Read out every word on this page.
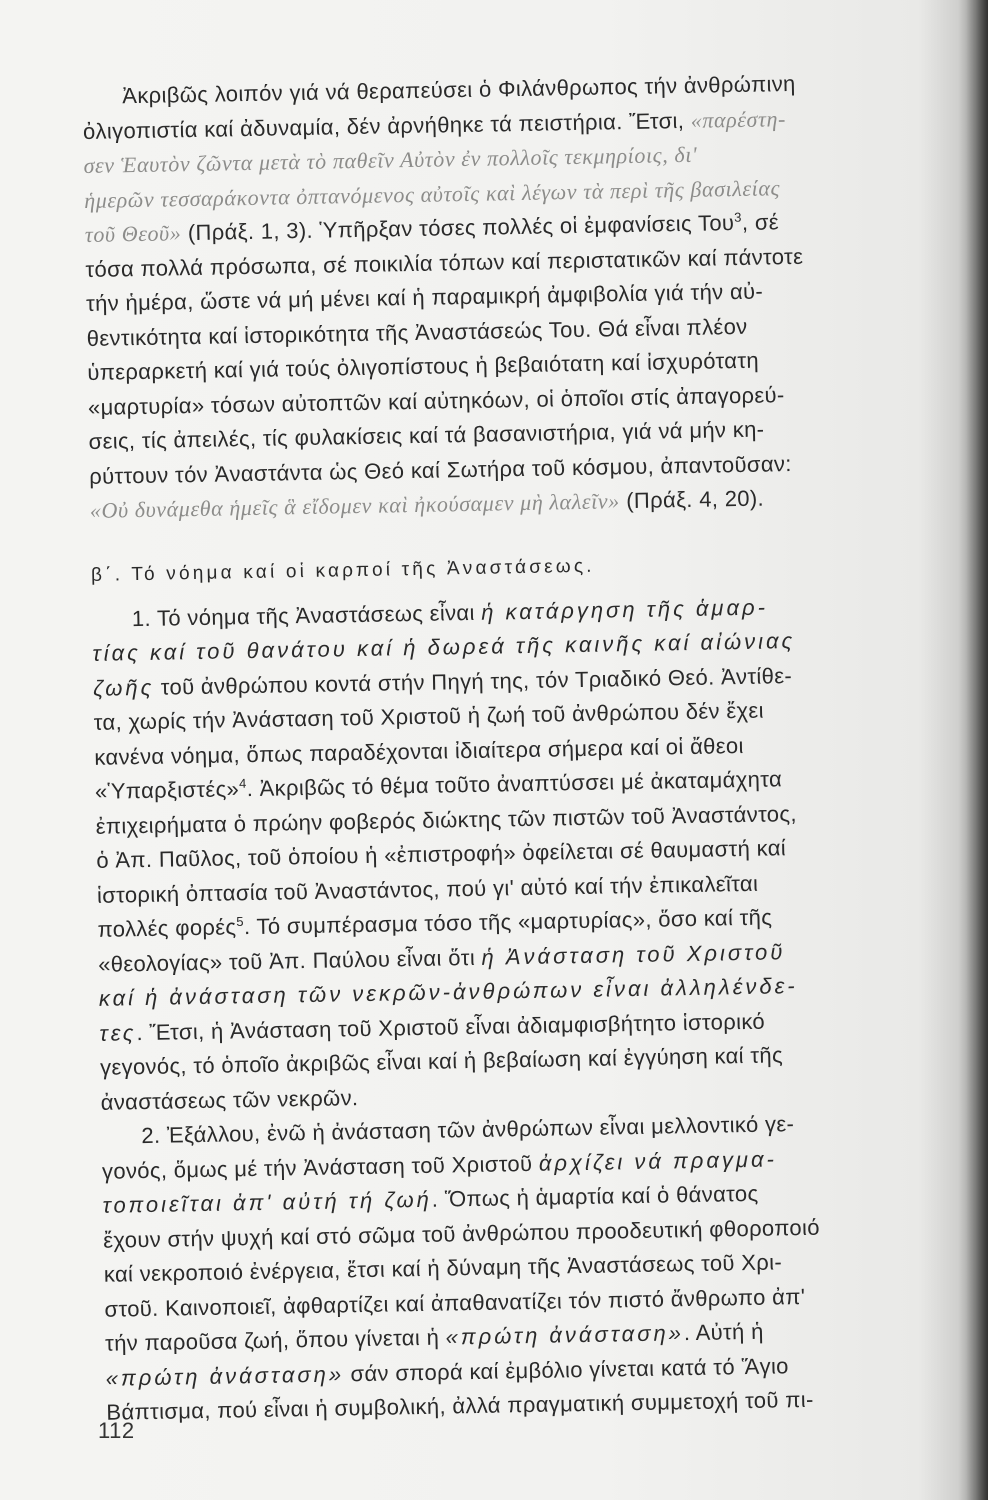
Ἀκριβῶς λοιπόν γιά νά θεραπεύσει ὁ Φιλάνθρωπος τήν ἀνθρώπινη
ὀλιγοπιστία καί ἀδυναμία, δέν ἀρνήθηκε τά πειστήρια. Ἔτσι, «παρέστη-
σεν Ἑαυτὸν ζῶντα μετὰ τὸ παθεῖν Αὐτὸν ἐν πολλοῖς τεκμηρίοις, δι'
ἡμερῶν τεσσαράκοντα ὀπτανόμενος αὐτοῖς καὶ λέγων τὰ περὶ τῆς βασιλείας
τοῦ Θεοῦ» (Πράξ. 1, 3). Ὑπῆρξαν τόσες πολλές οἱ ἐμφανίσεις Του$^3$, σέ
τόσα πολλά πρόσωπα, σέ ποικιλία τόπων καί περιστατικῶν καί πάντοτε
τήν ἡμέρα, ὥστε νά μή μένει καί ἡ παραμικρή ἀμφιβολία γιά τήν αὐ-
θεντικότητα καί ἱστορικότητα τῆς Ἀναστάσεώς Του. Θά εἶναι πλέον
ὑπεραρκετή καί γιά τούς ὀλιγοπίστους ἡ βεβαιότατη καί ἰσχυρότατη
«μαρτυρία» τόσων αὐτοπτῶν καί αὐτηκόων, οἱ ὁποῖοι στίς ἀπαγορεύ-
σεις, τίς ἀπειλές, τίς φυλακίσεις καί τά βασανιστήρια, γιά νά μήν κη-
ρύττουν τόν Ἀναστάντα ὡς Θεό καί Σωτήρα τοῦ κόσμου, ἀπαντοῦσαν:
«Οὐ δυνάμεθα ἡμεῖς ἃ εἴδομεν καὶ ἠκούσαμεν μὴ λαλεῖν» (Πράξ. 4, 20).
β΄. Τό νόημα καί οἱ καρποί τῆς Ἀναστάσεως.
1. Τό νόημα τῆς Ἀναστάσεως εἶναι ἡ κατάργηση τῆς ἁμαρ-
τίας καί τοῦ θανάτου καί ἡ δωρεά τῆς καινῆς καί αἰώνιας
ζωῆς τοῦ ἀνθρώπου κοντά στήν Πηγή της, τόν Τριαδικό Θεό. Ἀντίθε-
τα, χωρίς τήν Ἀνάσταση τοῦ Χριστοῦ ἡ ζωή τοῦ ἀνθρώπου δέν ἔχει
κανένα νόημα, ὅπως παραδέχονται ἰδιαίτερα σήμερα καί οἱ ἄθεοι
«Ὑπαρξιστές»$^4$. Ἀκριβῶς τό θέμα τοῦτο ἀναπτύσσει μέ ἀκαταμάχητα
ἐπιχειρήματα ὁ πρώην φοβερός διώκτης τῶν πιστῶν τοῦ Ἀναστάντος,
ὁ Ἀπ. Παῦλος, τοῦ ὁποίου ἡ «ἐπιστροφή» ὀφείλεται σέ θαυμαστή καί
ἱστορική ὀπτασία τοῦ Ἀναστάντος, πού γι' αὐτό καί τήν ἐπικαλεῖται
πολλές φορές$^5$. Τό συμπέρασμα τόσο τῆς «μαρτυρίας», ὅσο καί τῆς
«θεολογίας» τοῦ Ἀπ. Παύλου εἶναι ὅτι ἡ Ἀνάσταση τοῦ Χριστοῦ
καί ἡ ἀνάσταση τῶν νεκρῶν-ἀνθρώπων εἶναι ἀλληλένδε-
τες. Ἔτσι, ἡ Ἀνάσταση τοῦ Χριστοῦ εἶναι ἀδιαμφισβήτητο ἱστορικό
γεγονός, τό ὁποῖο ἀκριβῶς εἶναι καί ἡ βεβαίωση καί ἐγγύηση καί τῆς
ἀναστάσεως τῶν νεκρῶν.
2. Ἐξάλλου, ἐνῶ ἡ ἀνάσταση τῶν ἀνθρώπων εἶναι μελλοντικό γε-
γονός, ὅμως μέ τήν Ἀνάσταση τοῦ Χριστοῦ ἀρχίζει νά πραγμα-
τοποιεῖται ἀπ' αὐτή τή ζωή. Ὅπως ἡ ἁμαρτία καί ὁ θάνατος
ἔχουν στήν ψυχή καί στό σῶμα τοῦ ἀνθρώπου προοδευτική φθοροποιό
καί νεκροποιό ἐνέργεια, ἔτσι καί ἡ δύναμη τῆς Ἀναστάσεως τοῦ Χρι-
στοῦ. Καινοποιεῖ, ἀφθαρτίζει καί ἀπαθανατίζει τόν πιστό ἄνθρωπο ἀπ'
τήν παροῦσα ζωή, ὅπου γίνεται ἡ «πρώτη ἀνάσταση». Αὐτή ἡ
«πρώτη ἀνάσταση» σάν σπορά καί ἐμβόλιο γίνεται κατά τό Ἅγιο
Βάπτισμα, πού εἶναι ἡ συμβολική, ἀλλά πραγματική συμμετοχή τοῦ πι-
112
